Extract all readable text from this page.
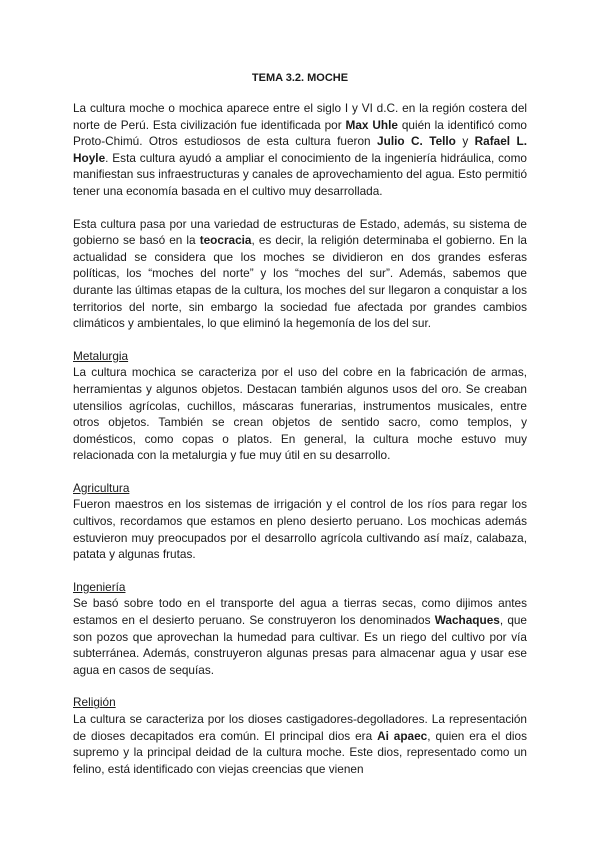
TEMA 3.2. MOCHE

La cultura moche o mochica aparece entre el siglo I y VI d.C. en la región costera del norte de Perú. Esta civilización fue identificada por Max Uhle quién la identificó como Proto-Chimú. Otros estudiosos de esta cultura fueron Julio C. Tello y Rafael L. Hoyle. Esta cultura ayudó a ampliar el conocimiento de la ingeniería hidráulica, como manifiestan sus infraestructuras y canales de aprovechamiento del agua. Esto permitió tener una economía basada en el cultivo muy desarrollada.

Esta cultura pasa por una variedad de estructuras de Estado, además, su sistema de gobierno se basó en la teocracia, es decir, la religión determinaba el gobierno. En la actualidad se considera que los moches se dividieron en dos grandes esferas políticas, los “moches del norte” y los “moches del sur”. Además, sabemos que durante las últimas etapas de la cultura, los moches del sur llegaron a conquistar a los territorios del norte, sin embargo la sociedad fue afectada por grandes cambios climáticos y ambientales, lo que eliminó la hegemonía de los del sur.

Metalurgia

La cultura mochica se caracteriza por el uso del cobre en la fabricación de armas, herramientas y algunos objetos. Destacan también algunos usos del oro. Se creaban utensilios agrícolas, cuchillos, máscaras funerarias, instrumentos musicales, entre otros objetos. También se crean objetos de sentido sacro, como templos, y domésticos, como copas o platos. En general, la cultura moche estuvo muy relacionada con la metalurgia y fue muy útil en su desarrollo.

Agricultura

Fueron maestros en los sistemas de irrigación y el control de los ríos para regar los cultivos, recordamos que estamos en pleno desierto peruano. Los mochicas además estuvieron muy preocupados por el desarrollo agrícola cultivando así maíz, calabaza, patata y algunas frutas.

Ingeniería

Se basó sobre todo en el transporte del agua a tierras secas, como dijimos antes estamos en el desierto peruano. Se construyeron los denominados Wachaques, que son pozos que aprovechan la humedad para cultivar. Es un riego del cultivo por vía subterránea. Además, construyeron algunas presas para almacenar agua y usar ese agua en casos de sequías.

Religión

La cultura se caracteriza por los dioses castigadores-degolladores. La representación de dioses decapitados era común. El principal dios era Ai apaec, quien era el dios supremo y la principal deidad de la cultura moche. Este dios, representado como un felino, está identificado con viejas creencias que vienen
